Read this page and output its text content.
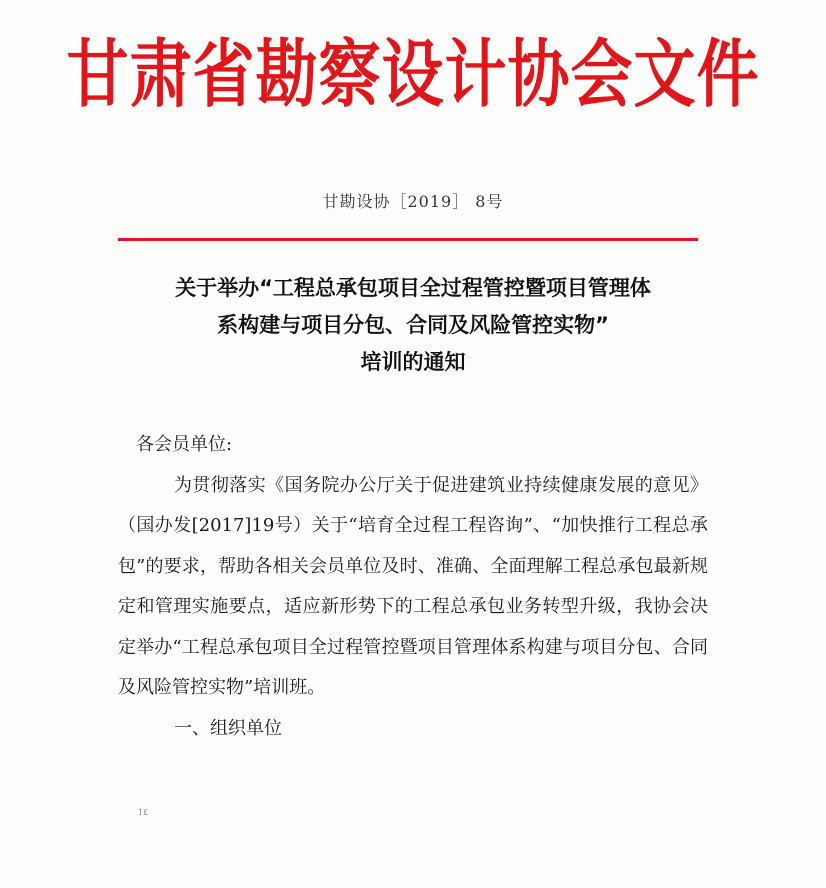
甘肃省勘察设计协会文件
甘勘设协［2019］ 8号
关于举办“工程总承包项目全过程管控暨项目管理体
系构建与项目分包、合同及风险管控实物”
培训的通知
各会员单位:

为贯彻落实《国务院办公厅关于促进建筑业持续健康发展的意见》（国办发[2017]19号）关于“培育全过程工程咨询”、“加快推行工程总承包”的要求，帮助各相关会员单位及时、准确、全面理解工程总承包最新规定和管理实施要点，适应新形势下的工程总承包业务转型升级，我协会决定举办“工程总承包项目全过程管控暨项目管理体系构建与项目分包、合同及风险管控实物”培训班。

一、组织单位
1£
